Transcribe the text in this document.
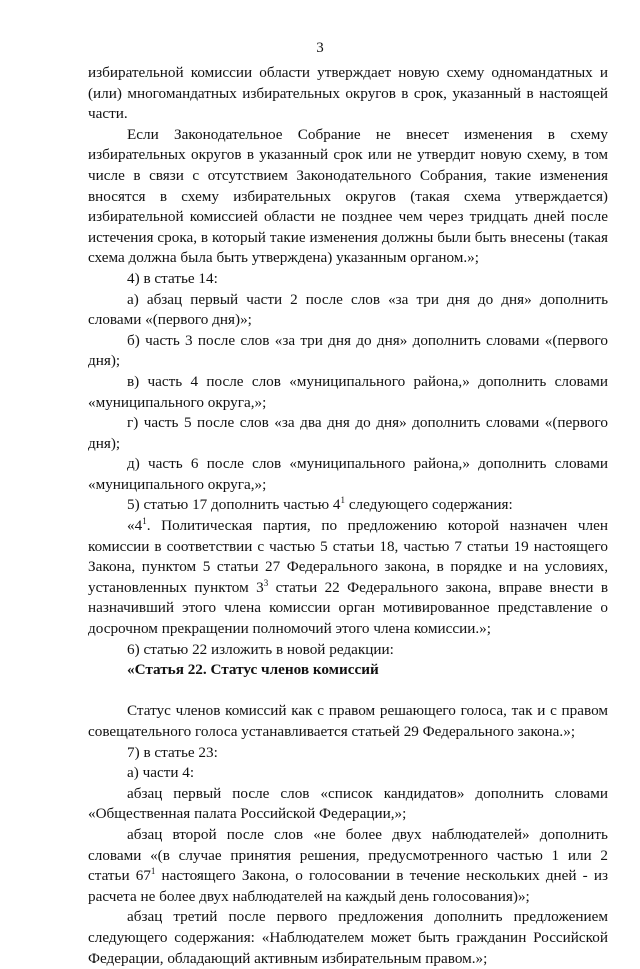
3

избирательной комиссии области утверждает новую схему одномандатных и (или) многомандатных избирательных округов в срок, указанный в настоящей части.

Если Законодательное Собрание не внесет изменения в схему избирательных округов в указанный срок или не утвердит новую схему, в том числе в связи с отсутствием Законодательного Собрания, такие изменения вносятся в схему избирательных округов (такая схема утверждается) избирательной комиссией области не позднее чем через тридцать дней после истечения срока, в который такие изменения должны были быть внесены (такая схема должна была быть утверждена) указанным органом.»;

4) в статье 14:

а) абзац первый части 2 после слов «за три дня до дня» дополнить словами «(первого дня)»;

б) часть 3 после слов «за три дня до дня» дополнить словами «(первого дня);

в) часть 4 после слов «муниципального района,» дополнить словами «муниципального округа,»;

г) часть 5 после слов «за два дня до дня» дополнить словами «(первого дня);

д) часть 6 после слов «муниципального района,» дополнить словами «муниципального округа,»;

5) статью 17 дополнить частью $4^1$ следующего содержания:

«$4^1$. Политическая партия, по предложению которой назначен член комиссии в соответствии с частью 5 статьи 18, частью 7 статьи 19 настоящего Закона, пунктом 5 статьи 27 Федерального закона, в порядке и на условиях, установленных пунктом $3^3$ статьи 22 Федерального закона, вправе внести в назначивший этого члена комиссии орган мотивированное представление о досрочном прекращении полномочий этого члена комиссии.»;

6) статью 22 изложить в новой редакции:

«Статья 22. Статус членов комиссий

Статус членов комиссий как с правом решающего голоса, так и с правом совещательного голоса устанавливается статьей 29 Федерального закона.»;

7) в статье 23:

а) части 4:

абзац первый после слов «список кандидатов» дополнить словами «Общественная палата Российской Федерации,»;

абзац второй после слов «не более двух наблюдателей» дополнить словами «(в случае принятия решения, предусмотренного частью 1 или 2 статьи $67^1$ настоящего Закона, о голосовании в течение нескольких дней - из расчета не более двух наблюдателей на каждый день голосования)»;

абзац третий после первого предложения дополнить предложением следующего содержания: «Наблюдателем может быть гражданин Российской Федерации, обладающий активным избирательным правом.»;
